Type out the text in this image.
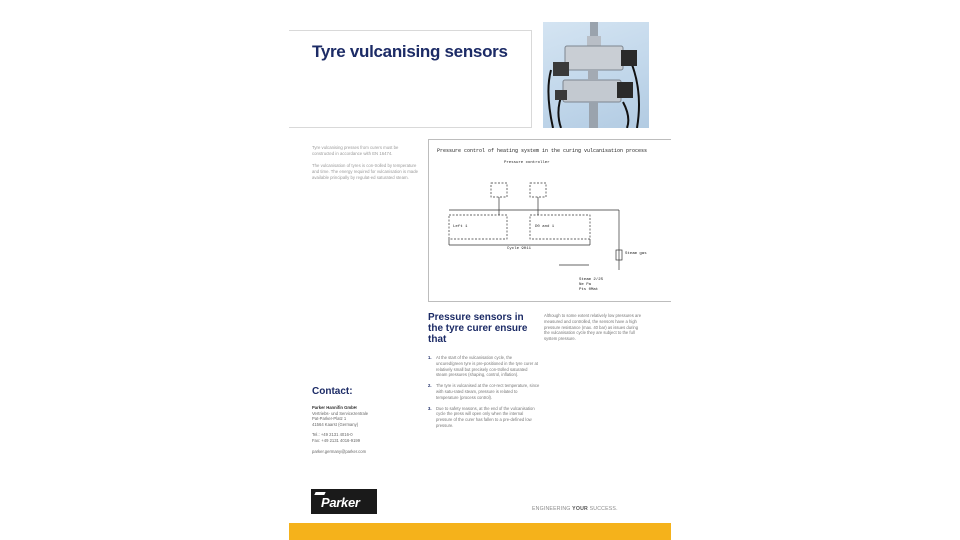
Tyre vulcanising sensors

Tyre vulcanising presses from curers must be constructed in accordance with EN 16474.

The vulcanisation of tyres is con-trolled by temperature and time. The energy required for vulcanisation is made available principally by regulat-ed saturated steam.

Pressure control of heating system in the curing vulcanisation process
Pressure controller
Left 1	D0 and 1
Cycle 9011
Steam gas
Steam 2/2S
Ne Pa
Pts 0Mat
Pressure sensors in the tyre curer ensure that
1. At the start of the vulcanisation cycle, the uncured/green tyre is pre-positioned in the tyre curer at relatively small but precisely con-trolled saturated steam pressures (shaping, control, inflation).
2. The tyre is vulcanised at the cor-rect temperature, since with satu-rated steam, pressure is related to temperature (process control).
3. Due to safety reasons, at the end of the vulcanisation cycle the press will open only when the internal pressure of the curer has fallen to a pre-defined low pressure.
Although to some extent relatively low pressures are measured and controlled, the sensors have a high pressure resistance (max. 40 bar) as issues during the vulcanisation cycle they are subject to the full system pressure.
Contact:
Parker Hannifin GmbH
Vertriebs- und Servicezentrale
Pat-Parker-Platz 1
41564 Kaarst (Germany)
Tel.: +49 2131 4016-0
Fax: +49 2131 4016-9199
parker.germany@parker.com
Parker	ENGINEERING YOUR SUCCESS.
